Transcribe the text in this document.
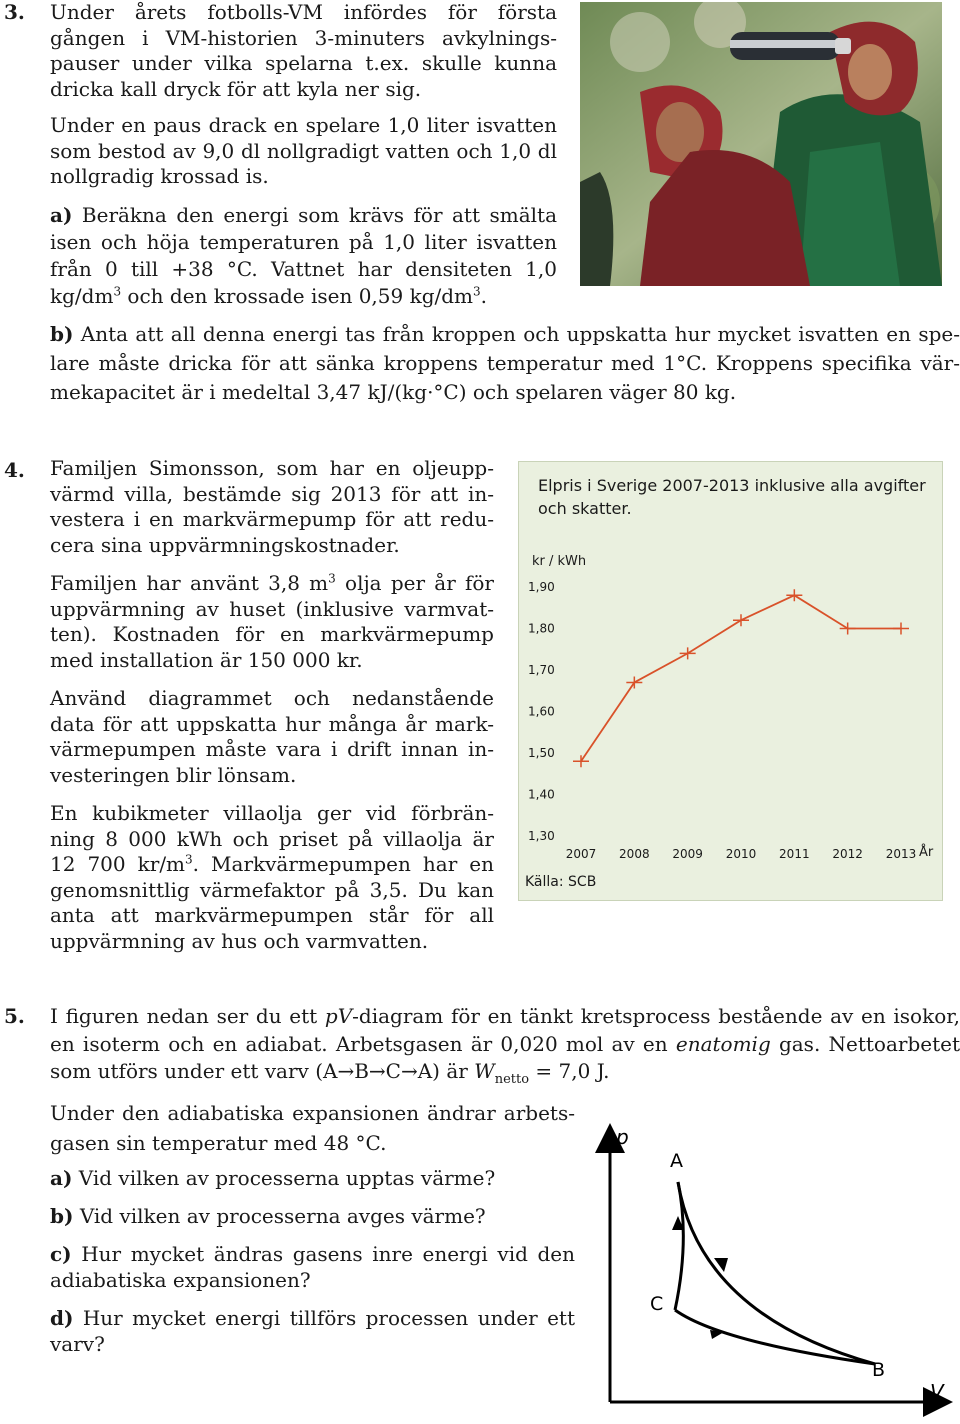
3. Under årets fotbolls-VM infördes för första gången i VM-historien 3-minuters avkylnings- pauser under vilka spelarna t.ex. skulle kunna dricka kall dryck för att kyla ner sig.

Under en paus drack en spelare 1,0 liter isvatten som bestod av 9,0 dl nollgradigt vatten och 1,0 dl nollgradig krossad is.

a) Beräkna den energi som krävs för att smälta isen och höja temperaturen på 1,0 liter isvatten från 0 till +38 °C. Vattnet har densiteten 1,0 $kg/dm^3$ och den krossade isen 0,59 $kg/dm^3$.

b) Anta att all denna energi tas från kroppen och uppskatta hur mycket isvatten en spe- lare måste dricka för att sänka kroppens temperatur med 1°C. Kroppens specifika vär- mekapacitet är i medeltal 3,47 kJ/(kg·°C) och spelaren väger 80 kg.

4. Familjen Simonsson, som har en oljeupp- värmd villa, bestämde sig 2013 för att in- vestera i en markvärmepump för att redu- cera sina uppvärmningskostnader.

Familjen har använt 3,8 $m^3$ olja per år för uppvärmning av huset (inklusive varmvat- ten). Kostnaden för en markvärmepump med installation är 150 000 kr.

Använd diagrammet och nedanstående data för att uppskatta hur många år mark- värmepumpen måste vara i drift innan in- vesteringen blir lönsam.

En kubikmeter villaolja ger vid förbrän- ning 8 000 kWh och priset på villaolja är 12 700 $kr/m^3$. Markvärmepumpen har en genomsnittlig värmefaktor på 3,5. Du kan anta att markvärmepumpen står för all uppvärmning av hus och varmvatten.

Elpris i Sverige 2007-2013 inklusive alla avgifter
och skatter.
kr / kWh
År
Källa: SCB
1,90
1,80
1,70
1,60
1,50
1,40
1,30
2007 2008 2009 2010 2011 2012 2013
5. I figuren nedan ser du ett pV-diagram för en tänkt kretsprocess bestående av en isokor, en isoterm och en adiabat. Arbetsgasen är 0,020 mol av en enatomig gas. Nettoarbetet som utförs under ett varv (A→B→C→A) är $W_{netto} = 7,0$ J.

Under den adiabatiska expansionen ändrar arbets- gasen sin temperatur med 48 °C.

a) Vid vilken av processerna upptas värme?

b) Vid vilken av processerna avges värme?

c) Hur mycket ändras gasens inre energi vid den adiabatiska expansionen?

d) Hur mycket energi tillförs processen under ett varv?

p
V
A
C
B
